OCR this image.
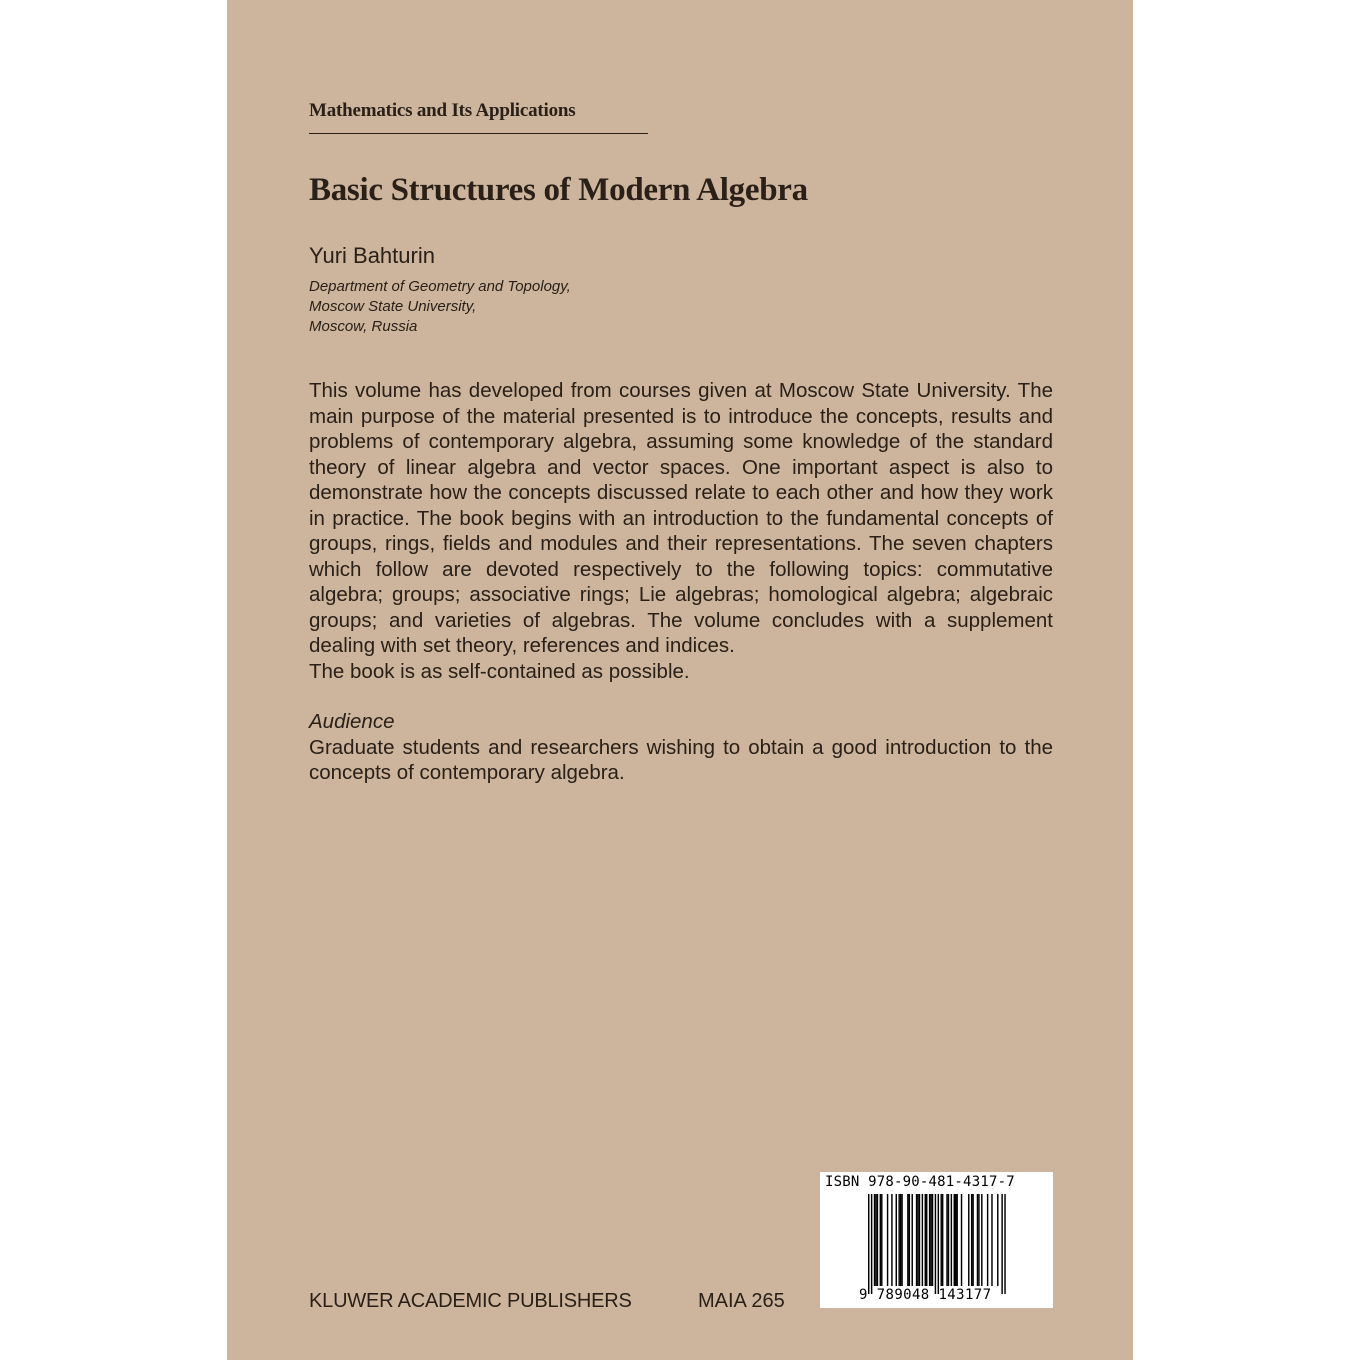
Mathematics and Its Applications
Basic Structures of Modern Algebra
Yuri Bahturin
Department of Geometry and Topology,
Moscow State University,
Moscow, Russia

This volume has developed from courses given at Moscow State University. The main purpose of the material presented is to introduce the concepts, results and problems of contemporary algebra, assuming some knowledge of the standard theory of linear algebra and vector spaces. One important aspect is also to demonstrate how the concepts discussed relate to each other and how they work in practice. The book begins with an introduction to the fundamental concepts of groups, rings, fields and modules and their representations. The seven chapters which follow are devoted respectively to the following topics: commutative algebra; groups; associative rings; Lie algebras; homological algebra; algebraic groups; and varieties of algebras. The volume concludes with a supplement dealing with set theory, references and indices.

The book is as self-contained as possible.

Audience

Graduate students and researchers wishing to obtain a good introduction to the concepts of contemporary algebra.

KLUWER ACADEMIC PUBLISHERS	MAIA 265
ISBN 978-90-481-4317-7
9 789048 143177
